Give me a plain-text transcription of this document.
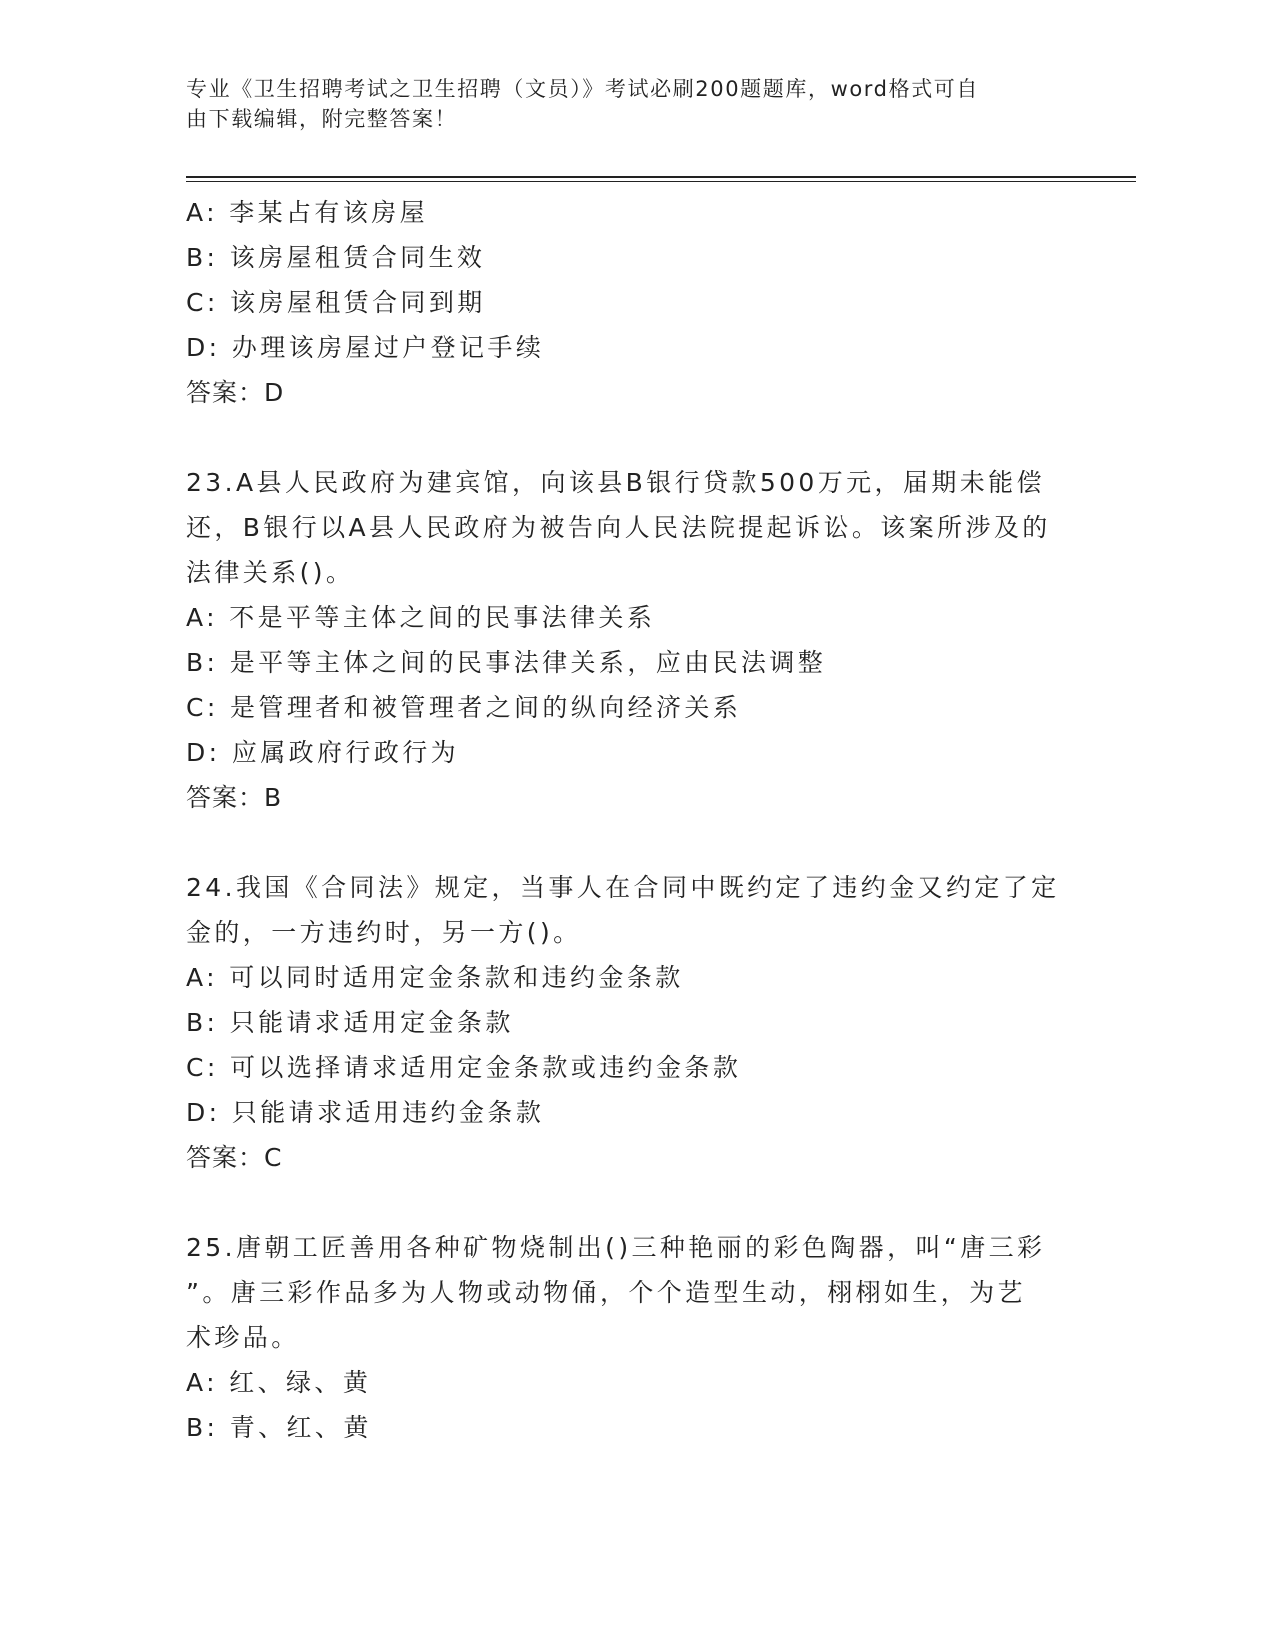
专业《卫生招聘考试之卫生招聘（文员）》考试必刷200题题库，word格式可自
由下载编辑，附完整答案！
A: 李某占有该房屋
B: 该房屋租赁合同生效
C: 该房屋租赁合同到期
D: 办理该房屋过户登记手续
答案：D
23.A县人民政府为建宾馆，向该县B银行贷款500万元，届期未能偿
还，B银行以A县人民政府为被告向人民法院提起诉讼。该案所涉及的
法律关系()。
A: 不是平等主体之间的民事法律关系
B: 是平等主体之间的民事法律关系，应由民法调整
C: 是管理者和被管理者之间的纵向经济关系
D: 应属政府行政行为
答案：B
24.我国《合同法》规定，当事人在合同中既约定了违约金又约定了定
金的，一方违约时，另一方()。
A: 可以同时适用定金条款和违约金条款
B: 只能请求适用定金条款
C: 可以选择请求适用定金条款或违约金条款
D: 只能请求适用违约金条款
答案：C
25.唐朝工匠善用各种矿物烧制出()三种艳丽的彩色陶器，叫“唐三彩
”。唐三彩作品多为人物或动物俑，个个造型生动，栩栩如生，为艺
术珍品。
A: 红、绿、黄
B: 青、红、黄
